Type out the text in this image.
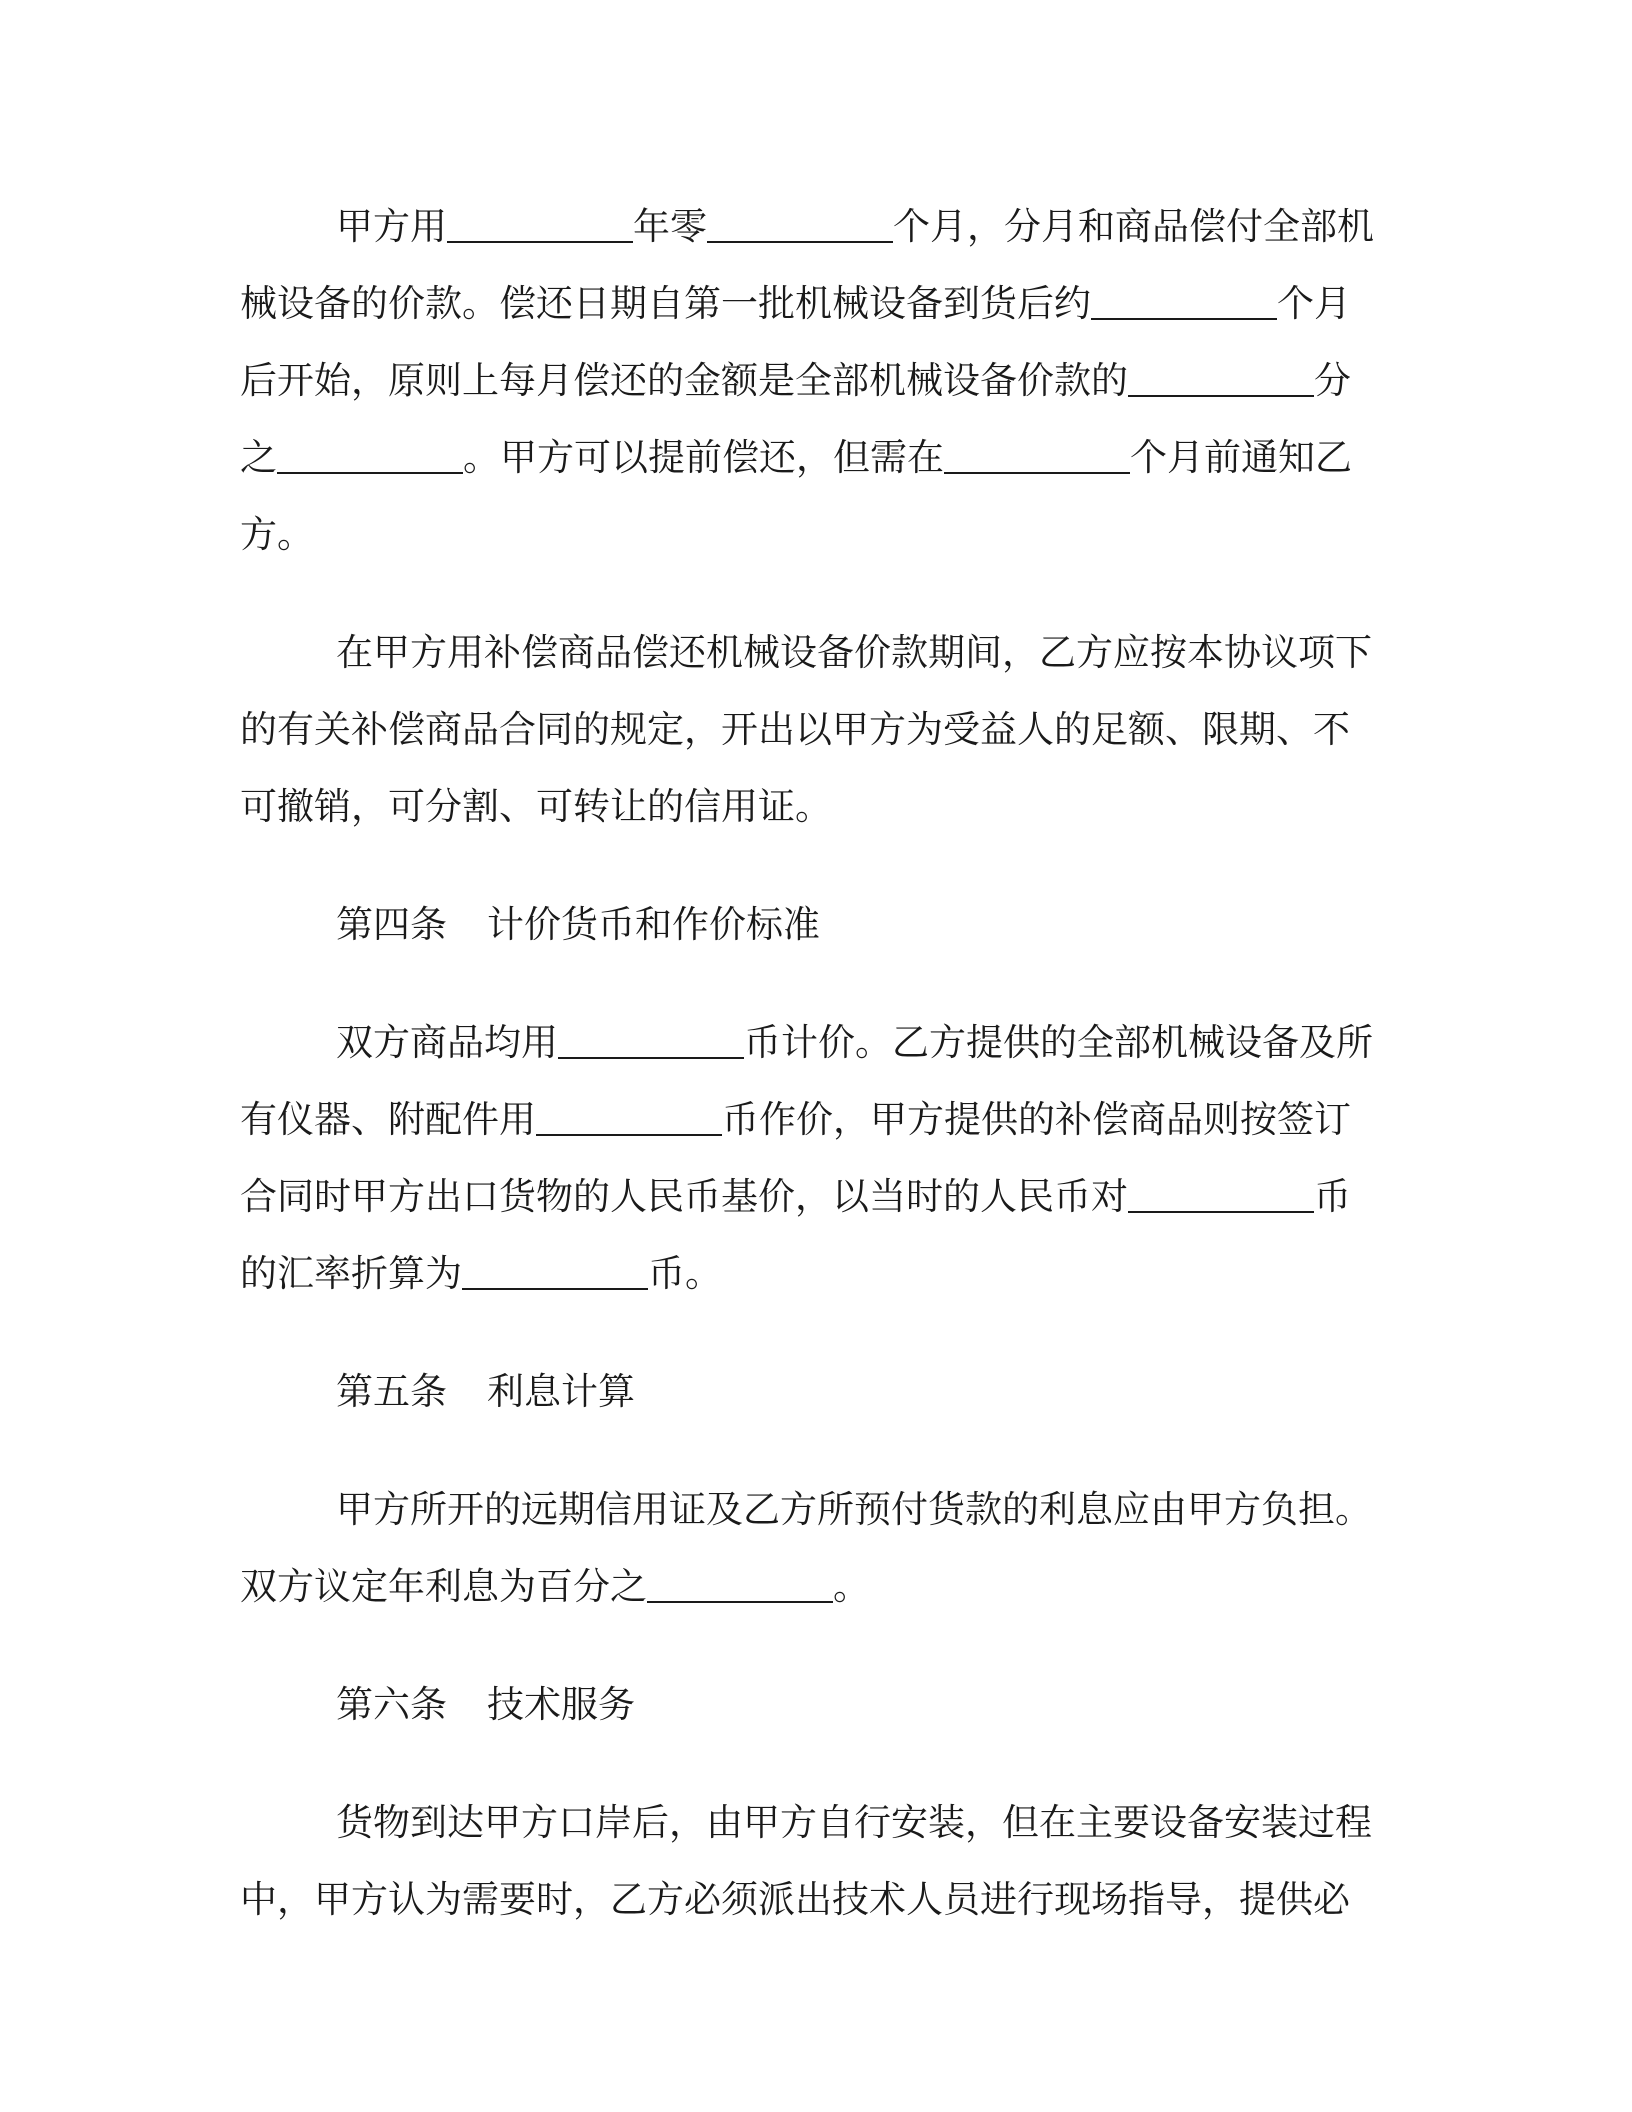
甲方用	年零	个月，分月和商品偿付全部机
械设备的价款。偿还日期自第一批机械设备到货后约	个月
后开始，原则上每月偿还的金额是全部机械设备价款的	分
之	。甲方可以提前偿还，但需在	个月前通知乙
方。
在甲方用补偿商品偿还机械设备价款期间，乙方应按本协议项下
的有关补偿商品合同的规定，开出以甲方为受益人的足额、限期、不
可撤销，可分割、可转让的信用证。
第四条 计价货币和作价标准
双方商品均用	币计价。乙方提供的全部机械设备及所
有仪器、附配件用	币作价，甲方提供的补偿商品则按签订
合同时甲方出口货物的人民币基价，以当时的人民币对	币
的汇率折算为	币。
第五条 利息计算
甲方所开的远期信用证及乙方所预付货款的利息应由甲方负担。
双方议定年利息为百分之	。
第六条 技术服务
货物到达甲方口岸后，由甲方自行安装，但在主要设备安装过程
中，甲方认为需要时，乙方必须派出技术人员进行现场指导，提供必
